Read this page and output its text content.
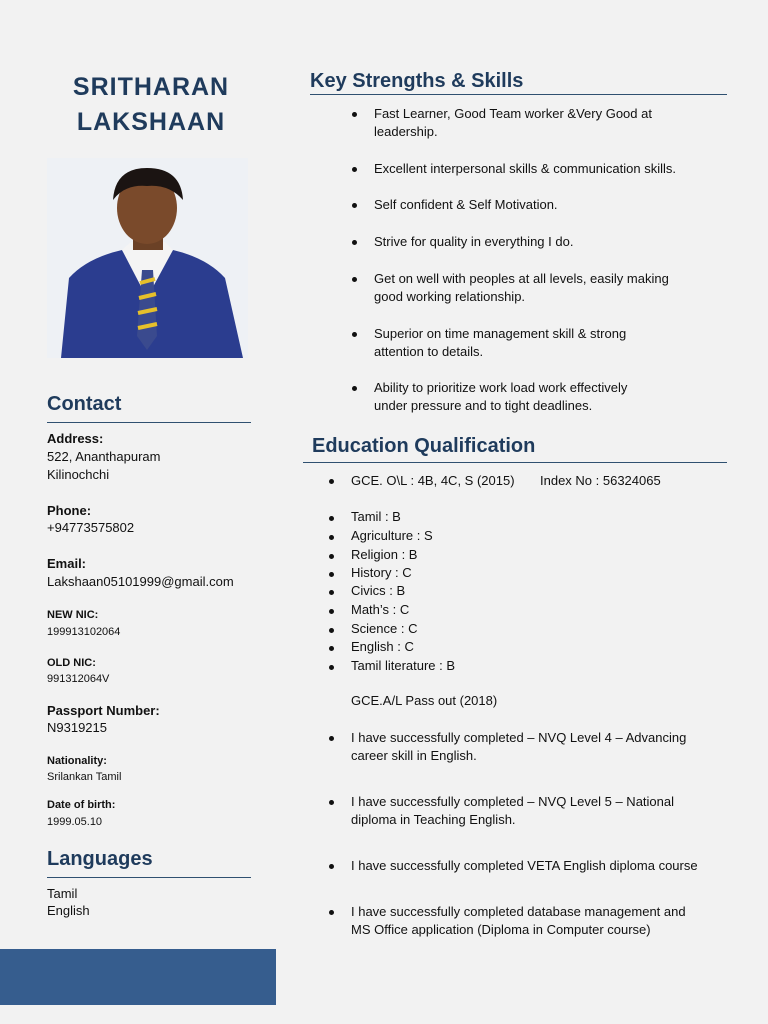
SRITHARAN
LAKSHAAN
Contact
Address:
522, Ananthapuram
Kilinochchi
Phone:
+94773575802
Email:
Lakshaan05101999@gmail.com
NEW NIC:
199913102064
OLD NIC:
991312064V
Passport Number:
N9319215
Nationality:
Srilankan Tamil
Date of birth:
1999.05.10
Languages
Tamil
English
Key Strengths & Skills
Fast Learner, Good Team worker &Very Good at
leadership.
Excellent interpersonal skills & communication skills.
Self confident & Self Motivation.
Strive for quality in everything I do.
Get on well with peoples at all levels, easily making
good working relationship.
Superior on time management skill & strong
attention to details.
Ability to prioritize work load work effectively
under pressure and to tight deadlines.
Education Qualification
GCE. O\L : 4B, 4C, S (2015) Index No : 56324065
Tamil : B
Agriculture : S
Religion : B
History : C
Civics : B
Math’s : C
Science : C
English : C
Tamil literature : B
GCE.A/L Pass out (2018)
I have successfully completed – NVQ Level 4 – Advancing
career skill in English.
I have successfully completed – NVQ Level 5 – National
diploma in Teaching English.
I have successfully completed VETA English diploma course
I have successfully completed database management and
MS Office application (Diploma in Computer course)
